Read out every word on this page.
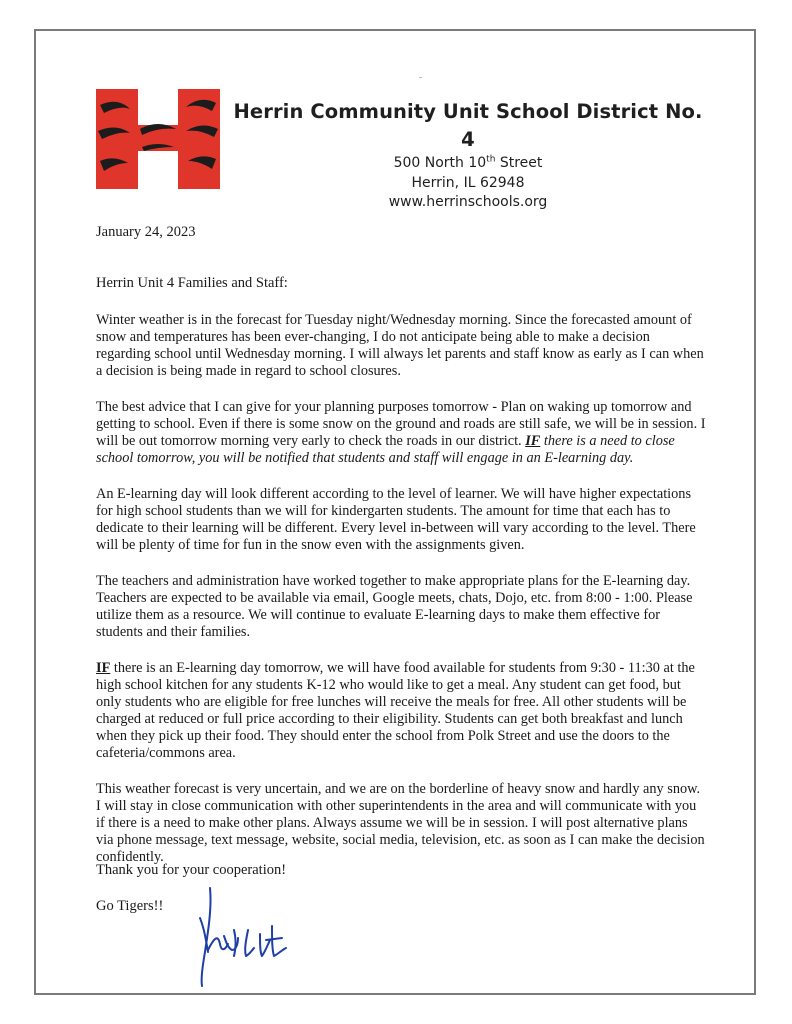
Herrin Community Unit School District No. 4
500 North 10th Street
Herrin, IL 62948
www.herrinschools.org
January 24, 2023
Herrin Unit 4 Families and Staff:

Winter weather is in the forecast for Tuesday night/Wednesday morning. Since the forecasted amount of snow and temperatures has been ever-changing, I do not anticipate being able to make a decision regarding school until Wednesday morning. I will always let parents and staff know as early as I can when a decision is being made in regard to school closures.

The best advice that I can give for your planning purposes tomorrow - Plan on waking up tomorrow and getting to school. Even if there is some snow on the ground and roads are still safe, we will be in session. I will be out tomorrow morning very early to check the roads in our district. IF there is a need to close school tomorrow, you will be notified that students and staff will engage in an E-learning day.

An E-learning day will look different according to the level of learner. We will have higher expectations for high school students than we will for kindergarten students. The amount for time that each has to dedicate to their learning will be different. Every level in-between will vary according to the level. There will be plenty of time for fun in the snow even with the assignments given.

The teachers and administration have worked together to make appropriate plans for the E-learning day. Teachers are expected to be available via email, Google meets, chats, Dojo, etc. from 8:00 - 1:00. Please utilize them as a resource. We will continue to evaluate E-learning days to make them effective for students and their families.

IF there is an E-learning day tomorrow, we will have food available for students from 9:30 - 11:30 at the high school kitchen for any students K-12 who would like to get a meal. Any student can get food, but only students who are eligible for free lunches will receive the meals for free. All other students will be charged at reduced or full price according to their eligibility. Students can get both breakfast and lunch when they pick up their food. They should enter the school from Polk Street and use the doors to the cafeteria/commons area.

This weather forecast is very uncertain, and we are on the borderline of heavy snow and hardly any snow. I will stay in close communication with other superintendents in the area and will communicate with you if there is a need to make other plans. Always assume we will be in session. I will post alternative plans via phone message, text message, website, social media, television, etc. as soon as I can make the decision confidently.

Thank you for your cooperation!
Go Tigers!!
